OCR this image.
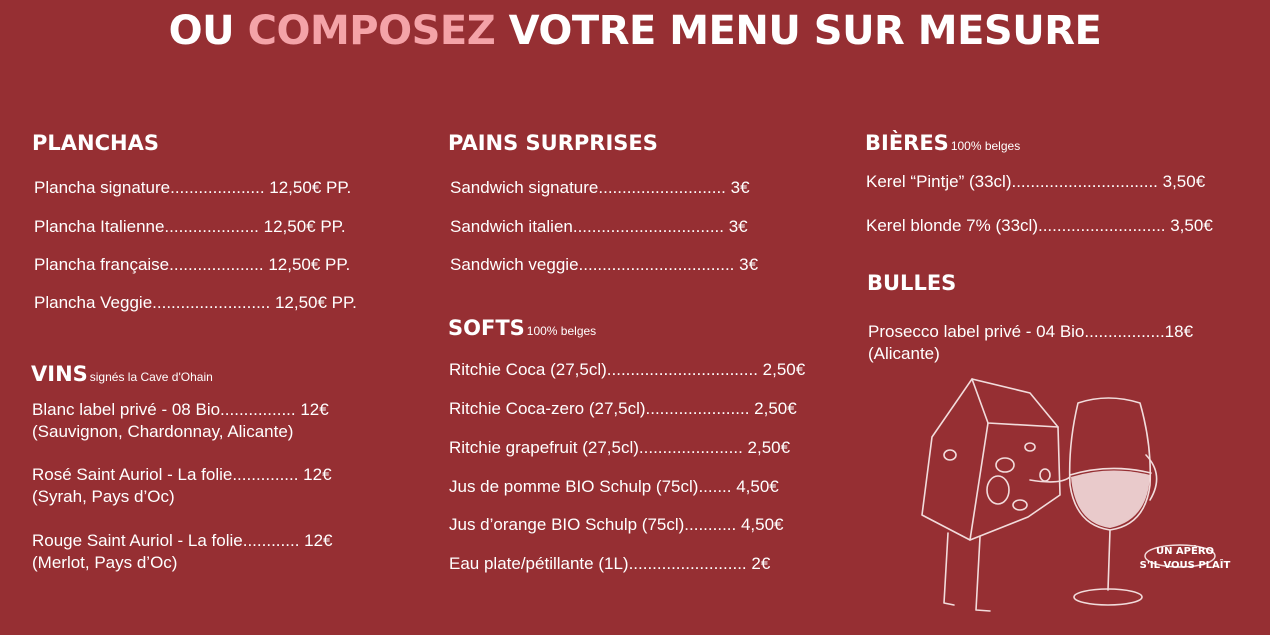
OU COMPOSEZ VOTRE MENU SUR MESURE
PLANCHAS
Plancha signature.................... 12,50€ PP.
Plancha Italienne.................... 12,50€ PP.
Plancha française.................... 12,50€ PP.
Plancha Veggie......................... 12,50€ PP.
VINS signés la Cave d'Ohain
Blanc label privé - 08 Bio................ 12€
(Sauvignon, Chardonnay, Alicante)
Rosé Saint Auriol - La folie.............. 12€
(Syrah, Pays d’Oc)
Rouge Saint Auriol - La folie............ 12€
(Merlot, Pays d’Oc)
PAINS SURPRISES
Sandwich signature........................... 3€
Sandwich italien................................ 3€
Sandwich veggie................................. 3€
SOFTS 100% belges
Ritchie Coca (27,5cl)................................ 2,50€
Ritchie Coca-zero (27,5cl)...................... 2,50€
Ritchie grapefruit (27,5cl)...................... 2,50€
Jus de pomme BIO Schulp (75cl)....... 4,50€
Jus d’orange BIO Schulp (75cl)........... 4,50€
Eau plate/pétillante (1L)......................... 2€
BIÈRES 100% belges
Kerel “Pintje” (33cl)............................... 3,50€
Kerel blonde 7% (33cl)........................... 3,50€
BULLES
Prosecco label privé - 04 Bio.................18€
(Alicante)
UN APÉRO
S'IL VOUS PLAÎT
